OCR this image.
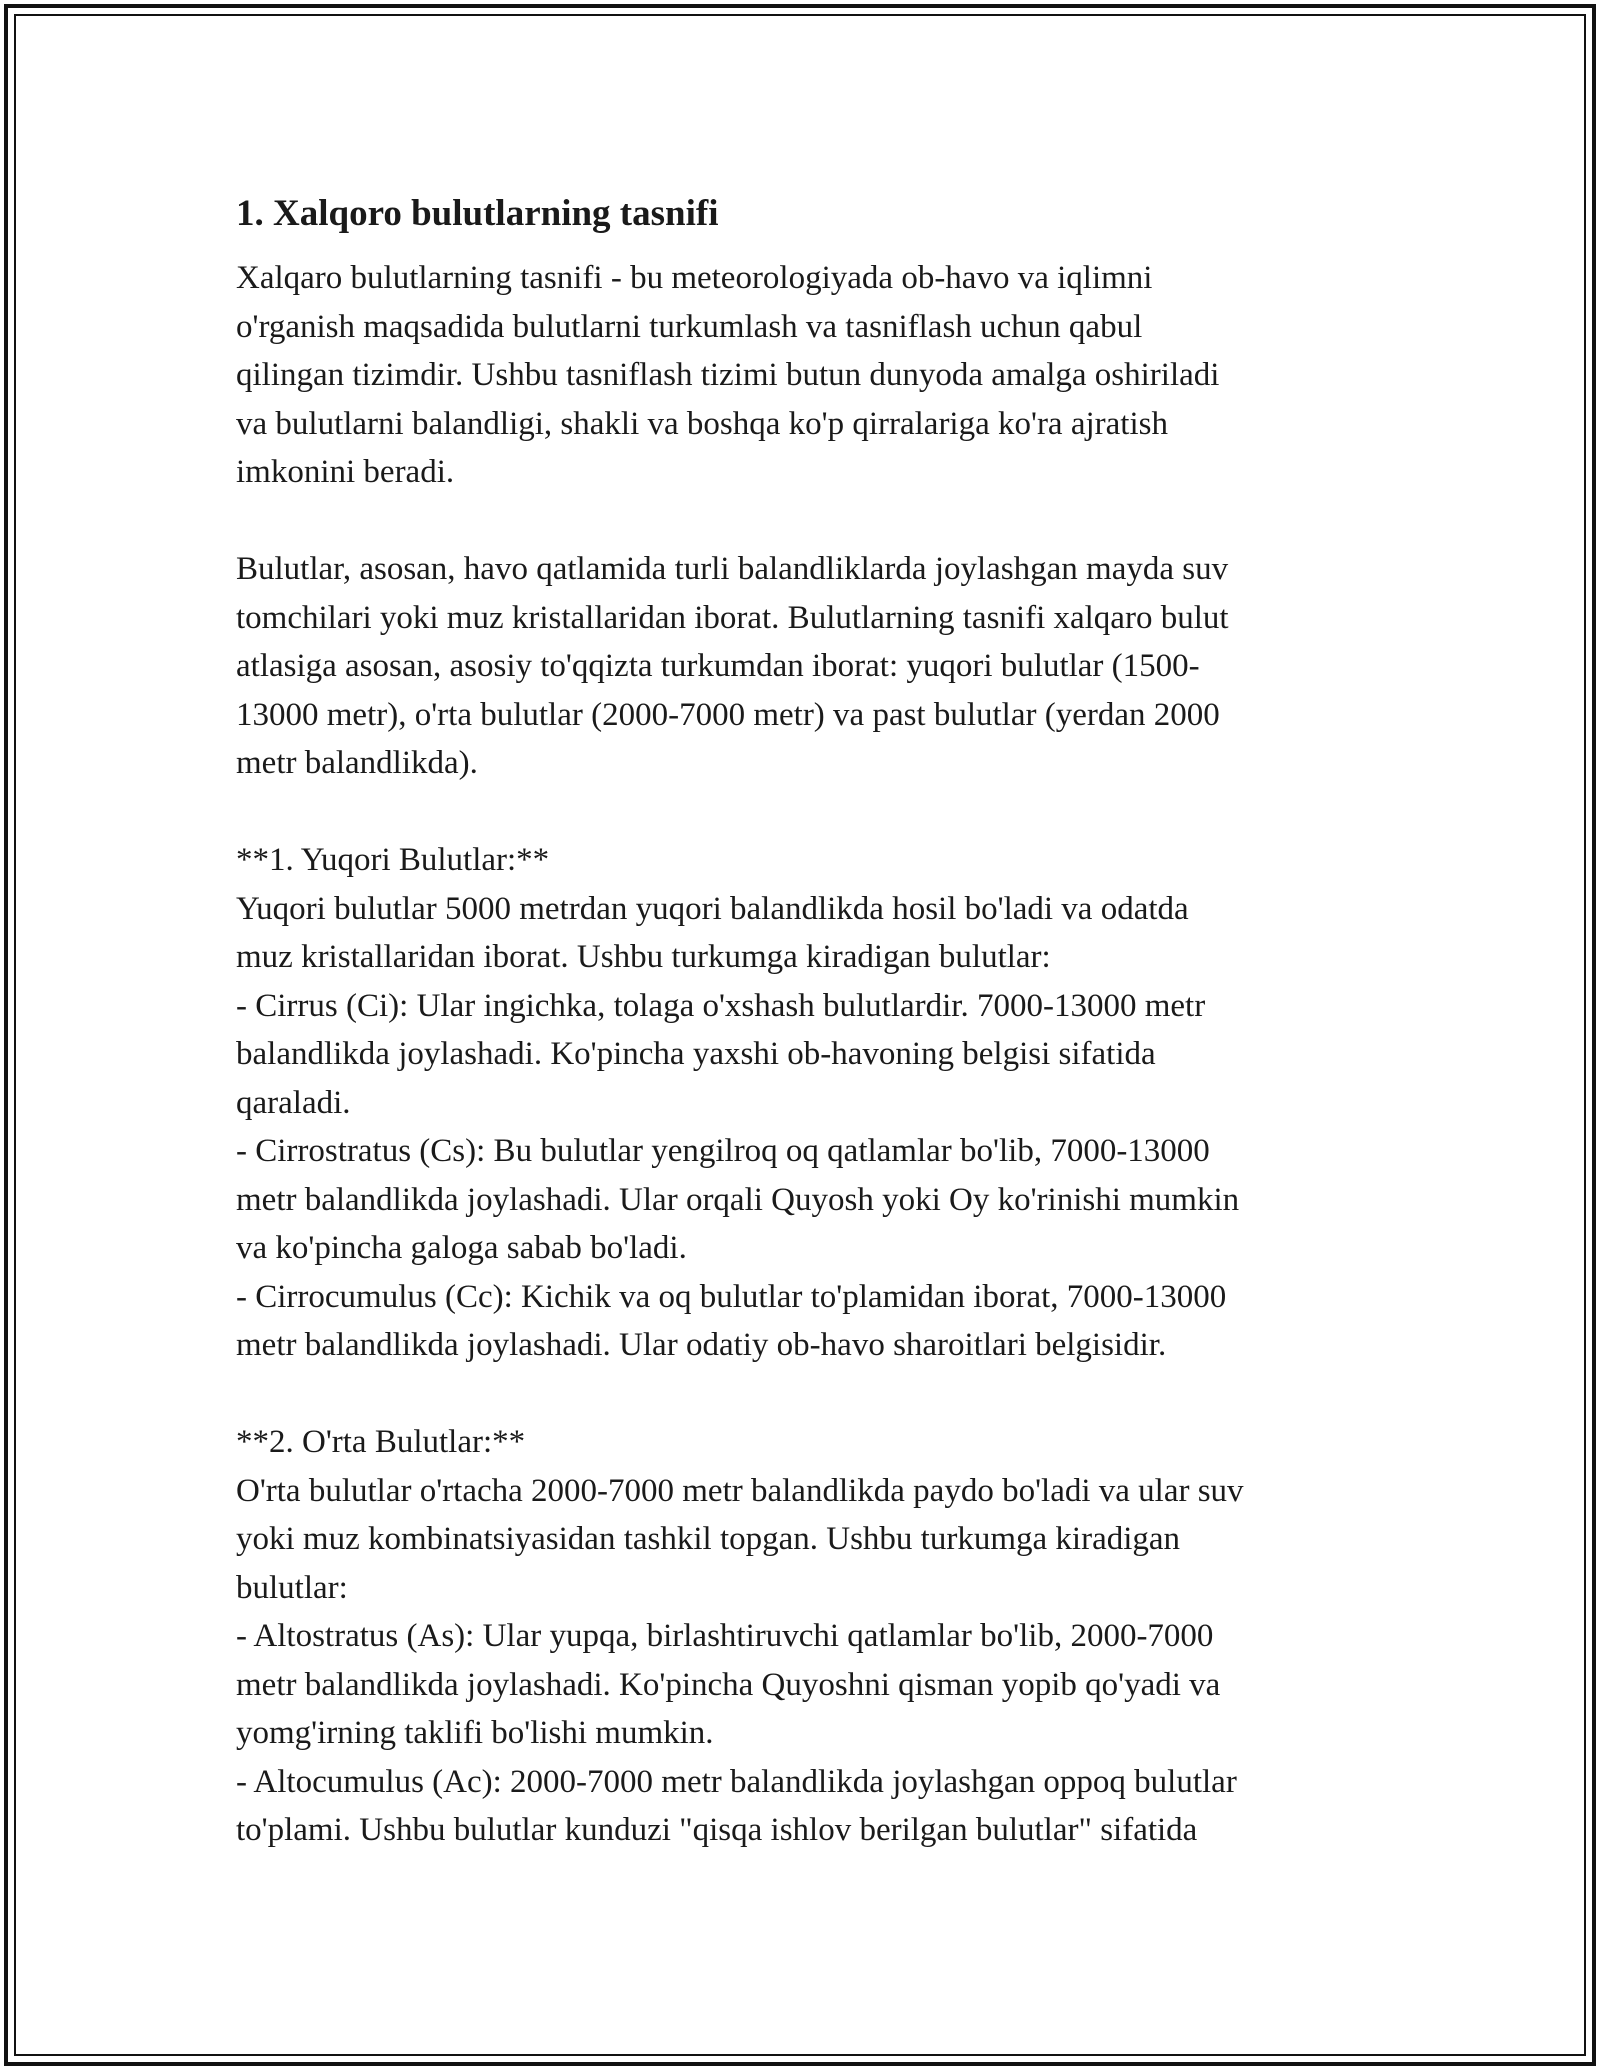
1. Xalqoro bulutlarning tasnifi
Xalqaro bulutlarning tasnifi - bu meteorologiyada ob-havo va iqlimni
o'rganish maqsadida bulutlarni turkumlash va tasniflash uchun qabul
qilingan tizimdir. Ushbu tasniflash tizimi butun dunyoda amalga oshiriladi
va bulutlarni balandligi, shakli va boshqa ko'p qirralariga ko'ra ajratish
imkonini beradi.
Bulutlar, asosan, havo qatlamida turli balandliklarda joylashgan mayda suv
tomchilari yoki muz kristallaridan iborat. Bulutlarning tasnifi xalqaro bulut
atlasiga asosan, asosiy to'qqizta turkumdan iborat: yuqori bulutlar (1500-
13000 metr), o'rta bulutlar (2000-7000 metr) va past bulutlar (yerdan 2000
metr balandlikda).
**1. Yuqori Bulutlar:**
Yuqori bulutlar 5000 metrdan yuqori balandlikda hosil bo'ladi va odatda
muz kristallaridan iborat. Ushbu turkumga kiradigan bulutlar:
- Cirrus (Ci): Ular ingichka, tolaga o'xshash bulutlardir. 7000-13000 metr
balandlikda joylashadi. Ko'pincha yaxshi ob-havoning belgisi sifatida
qaraladi.
- Cirrostratus (Cs): Bu bulutlar yengilroq oq qatlamlar bo'lib, 7000-13000
metr balandlikda joylashadi. Ular orqali Quyosh yoki Oy ko'rinishi mumkin
va ko'pincha galoga sabab bo'ladi.
- Cirrocumulus (Cc): Kichik va oq bulutlar to'plamidan iborat, 7000-13000
metr balandlikda joylashadi. Ular odatiy ob-havo sharoitlari belgisidir.
**2. O'rta Bulutlar:**
O'rta bulutlar o'rtacha 2000-7000 metr balandlikda paydo bo'ladi va ular suv
yoki muz kombinatsiyasidan tashkil topgan. Ushbu turkumga kiradigan
bulutlar:
- Altostratus (As): Ular yupqa, birlashtiruvchi qatlamlar bo'lib, 2000-7000
metr balandlikda joylashadi. Ko'pincha Quyoshni qisman yopib qo'yadi va
yomg'irning taklifi bo'lishi mumkin.
- Altocumulus (Ac): 2000-7000 metr balandlikda joylashgan oppoq bulutlar
to'plami. Ushbu bulutlar kunduzi "qisqa ishlov berilgan bulutlar" sifatida
